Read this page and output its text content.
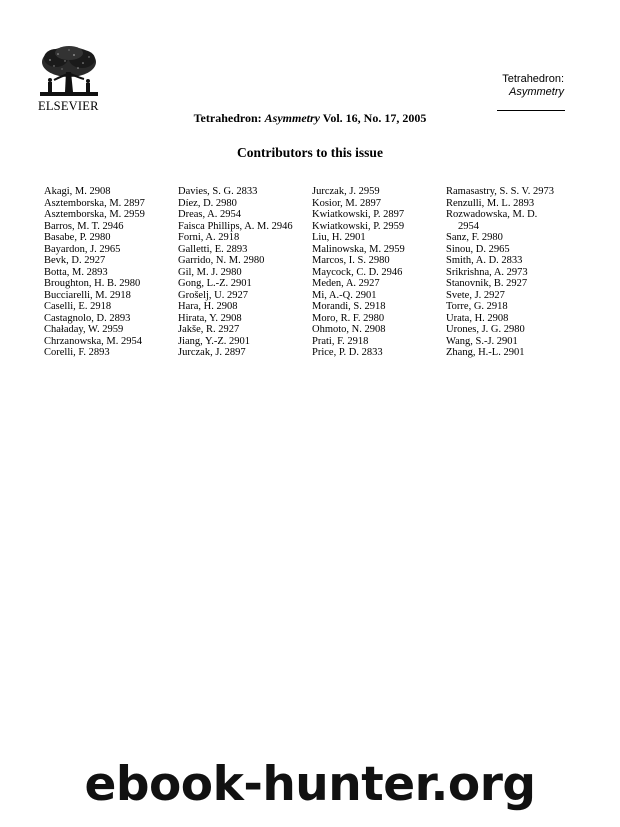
ELSEVIER
Tetrahedron:
Asymmetry
Tetrahedron: Asymmetry Vol. 16, No. 17, 2005
Contributors to this issue
Akagi, M. 2908
Asztemborska, M. 2897
Asztemborska, M. 2959
Barros, M. T. 2946
Basabe, P. 2980
Bayardon, J. 2965
Bevk, D. 2927
Botta, M. 2893
Broughton, H. B. 2980
Bucciarelli, M. 2918
Caselli, E. 2918
Castagnolo, D. 2893
Chaładay, W. 2959
Chrzanowska, M. 2954
Corelli, F. 2893
Davies, S. G. 2833
Díez, D. 2980
Dreas, A. 2954
Faisca Phillips, A. M. 2946
Forni, A. 2918
Galletti, E. 2893
Garrido, N. M. 2980
Gil, M. J. 2980
Gong, L.-Z. 2901
Grošelj, U. 2927
Hara, H. 2908
Hirata, Y. 2908
Jakše, R. 2927
Jiang, Y.-Z. 2901
Jurczak, J. 2897
Jurczak, J. 2959
Kosior, M. 2897
Kwiatkowski, P. 2897
Kwiatkowski, P. 2959
Liu, H. 2901
Malinowska, M. 2959
Marcos, I. S. 2980
Maycock, C. D. 2946
Meden, A. 2927
Mi, A.-Q. 2901
Morandi, S. 2918
Moro, R. F. 2980
Ohmoto, N. 2908
Prati, F. 2918
Price, P. D. 2833
Ramasastry, S. S. V. 2973
Renzulli, M. L. 2893
Rozwadowska, M. D.
2954
Sanz, F. 2980
Sinou, D. 2965
Smith, A. D. 2833
Srikrishna, A. 2973
Stanovnik, B. 2927
Svete, J. 2927
Torre, G. 2918
Urata, H. 2908
Urones, J. G. 2980
Wang, S.-J. 2901
Zhang, H.-L. 2901
ebook-hunter.org
